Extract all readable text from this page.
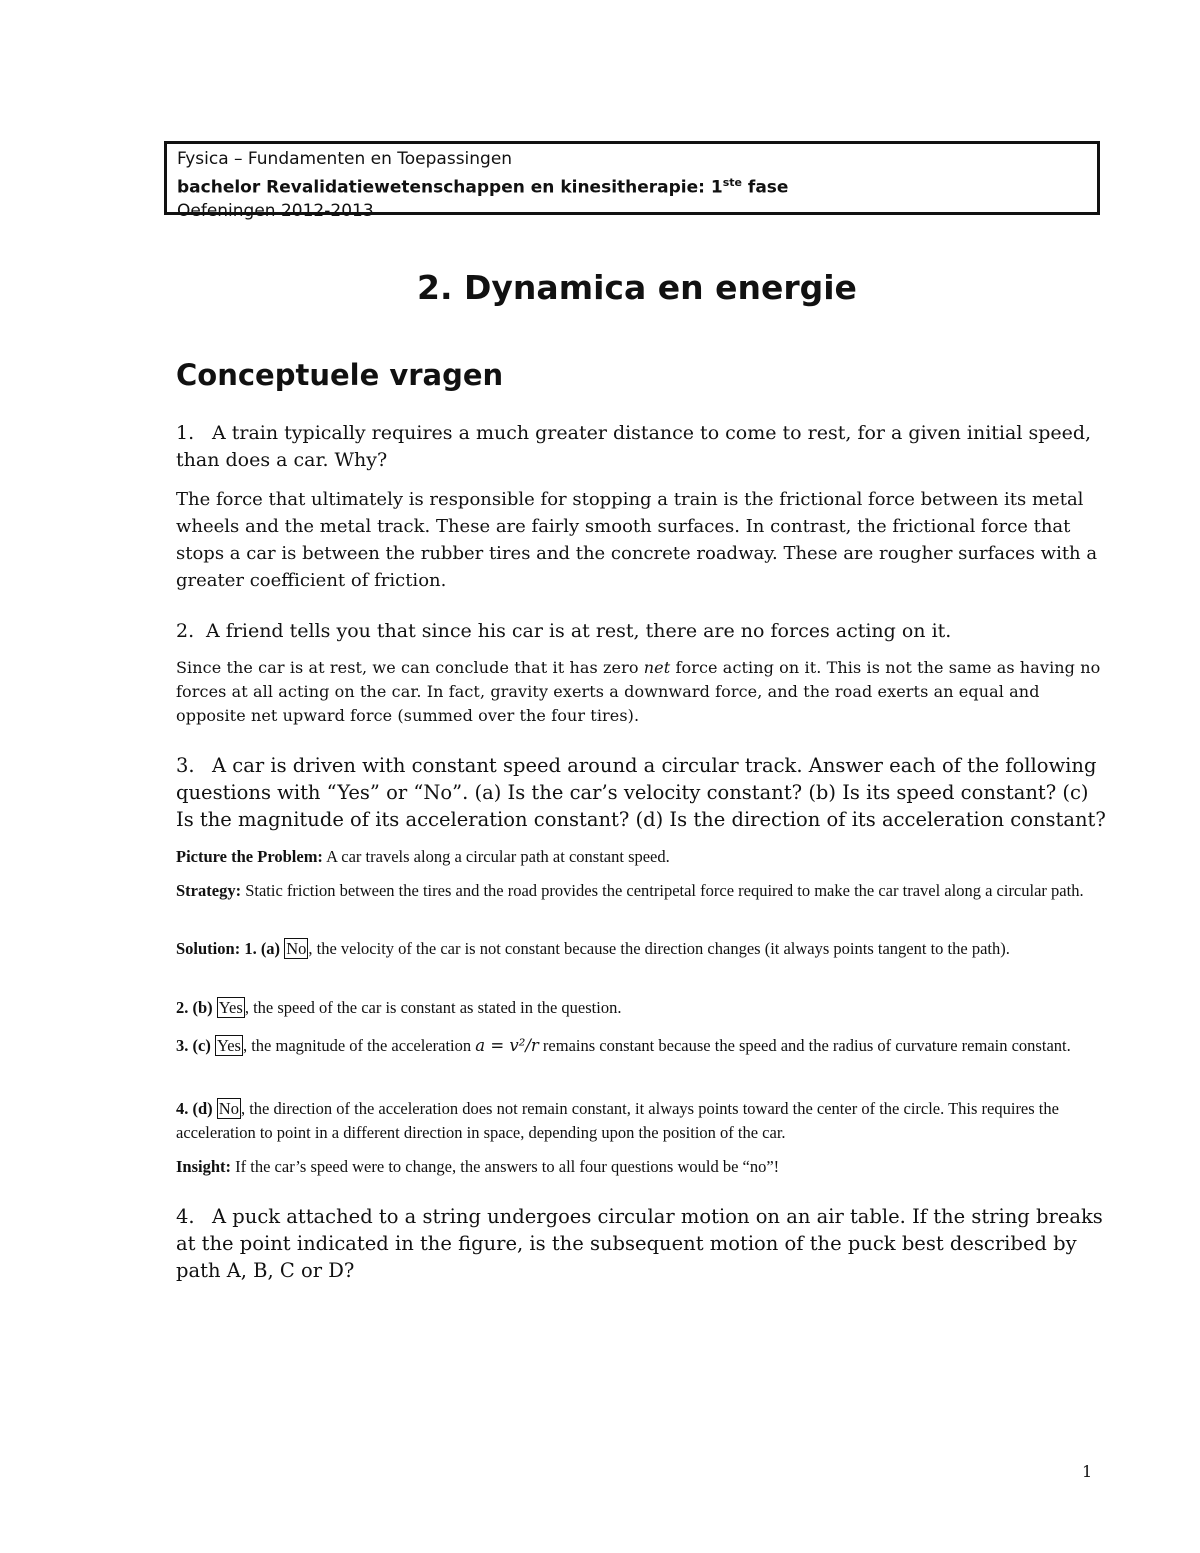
Fysica – Fundamenten en Toepassingen
bachelor Revalidatiewetenschappen en kinesitherapie: 1ste fase
Oefeningen 2012-2013
2. Dynamica en energie
Conceptuele vragen
1. A train typically requires a much greater distance to come to rest, for a given initial speed, than does a car. Why?
The force that ultimately is responsible for stopping a train is the frictional force between its metal wheels and the metal track. These are fairly smooth surfaces. In contrast, the frictional force that stops a car is between the rubber tires and the concrete roadway. These are rougher surfaces with a greater coefficient of friction.
2. A friend tells you that since his car is at rest, there are no forces acting on it.
Since the car is at rest, we can conclude that it has zero net force acting on it. This is not the same as having no forces at all acting on the car. In fact, gravity exerts a downward force, and the road exerts an equal and opposite net upward force (summed over the four tires).
3. A car is driven with constant speed around a circular track. Answer each of the following questions with “Yes” or “No”. (a) Is the car’s velocity constant? (b) Is its speed constant? (c) Is the magnitude of its acceleration constant? (d) Is the direction of its acceleration constant?
Picture the Problem: A car travels along a circular path at constant speed.
Strategy: Static friction between the tires and the road provides the centripetal force required to make the car travel along a circular path.
Solution: 1. (a) No , the velocity of the car is not constant because the direction changes (it always points tangent to the path).
2. (b) Yes , the speed of the car is constant as stated in the question.
3. (c) Yes , the magnitude of the acceleration a = v²/r remains constant because the speed and the radius of curvature remain constant.
4. (d) No , the direction of the acceleration does not remain constant, it always points toward the center of the circle. This requires the acceleration to point in a different direction in space, depending upon the position of the car.
Insight: If the car’s speed were to change, the answers to all four questions would be “no”!
4. A puck attached to a string undergoes circular motion on an air table. If the string breaks at the point indicated in the figure, is the subsequent motion of the puck best described by path A, B, C or D?
1
